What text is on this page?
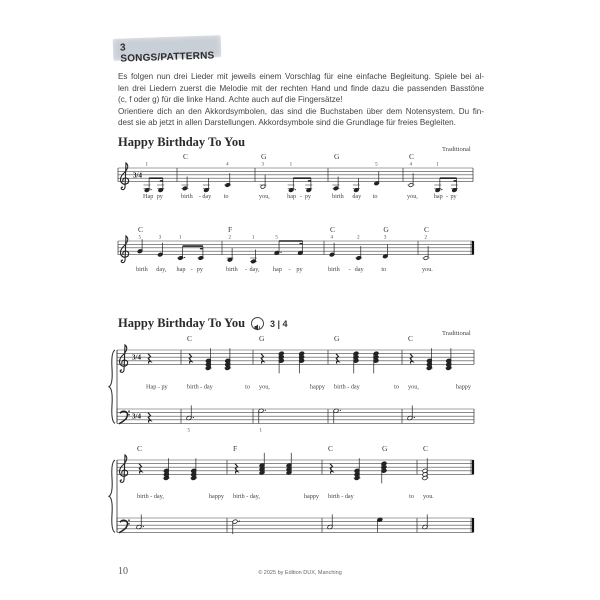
3 SONGS/PATTERNS
Es folgen nun drei Lieder mit jeweils einem Vorschlag für eine einfache Begleitung. Spiele bei al-
len drei Liedern zuerst die Melodie mit der rechten Hand und finde dazu die passenden Basstöne
(c, f oder g) für die linke Hand. Achte auch auf die Fingersätze!
Orientiere dich an den Akkordsymbolen, das sind die Buchstaben über dem Notensystem. Du fin-
dest sie ab jetzt in allen Darstellungen. Akkordsymbole sind die Grundlage für freies Begleiten.
Happy Birthday To You
Traditional
Happy Birthday To You	3 | 4
Traditional
3/4
1
Hap py	birth - day
4
to
C
3
you,
1
hap - py
G
birth day
5
to
G
4
you,
1
hap - py
C
5
birth
3
day,
1
hap - py
C
2
birth -
1
day,
5
hap - py
F
4
birth -
2
day
3
to
C	G
2
you.
C
3/4
Hap - py
C
birth - day	to
G
you,	happy
G
birth - day	to
C
you,	happy
3/4
5	1
C
birth - day,	happy
F
birth - day,	happy
C	G
birth - day	to
C
you.
10	© 2025 by Edition DUX, Manching
